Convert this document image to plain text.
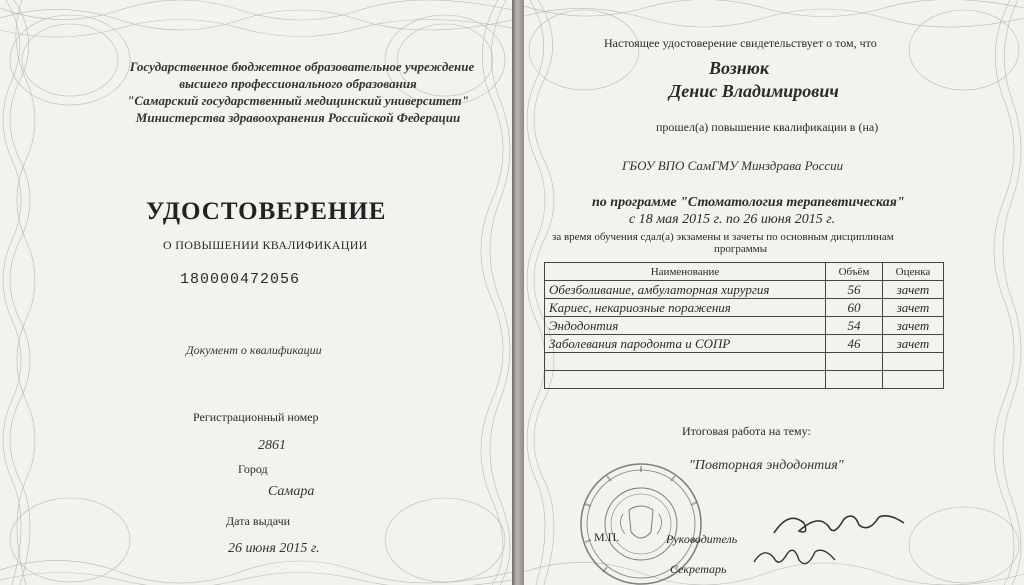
Государственное бюджетное образовательное учреждение
высшего профессионального образования
"Самарский государственный медицинский университет"
Министерства здравоохранения Российской Федерации
УДОСТОВЕРЕНИЕ
О ПОВЫШЕНИИ КВАЛИФИКАЦИИ
180000472056
Документ о квалификации
Регистрационный номер
2861
Город
Самара
Дата выдачи
26 июня 2015 г.
Настоящее удостоверение свидетельствует о том, что
Вознюк
Денис Владимирович
прошел(а) повышение квалификации в (на)
ГБОУ ВПО СамГМУ Минздрава России
по программе "Стоматология терапевтическая"
с 18 мая 2015 г. по 26 июня 2015 г.
за время обучения сдал(а) экзамены и зачеты по основным дисциплинам
программы
Наименование	Объём	Оценка
Обезболивание, амбулаторная хирургия	56	зачет
Кариес, некариозные поражения	60	зачет
Эндодонтия	54	зачет
Заболевания пародонта и СОПР	46	зачет

Итоговая работа на тему:
"Повторная эндодонтия"
М.П.	Руководитель
Секретарь
